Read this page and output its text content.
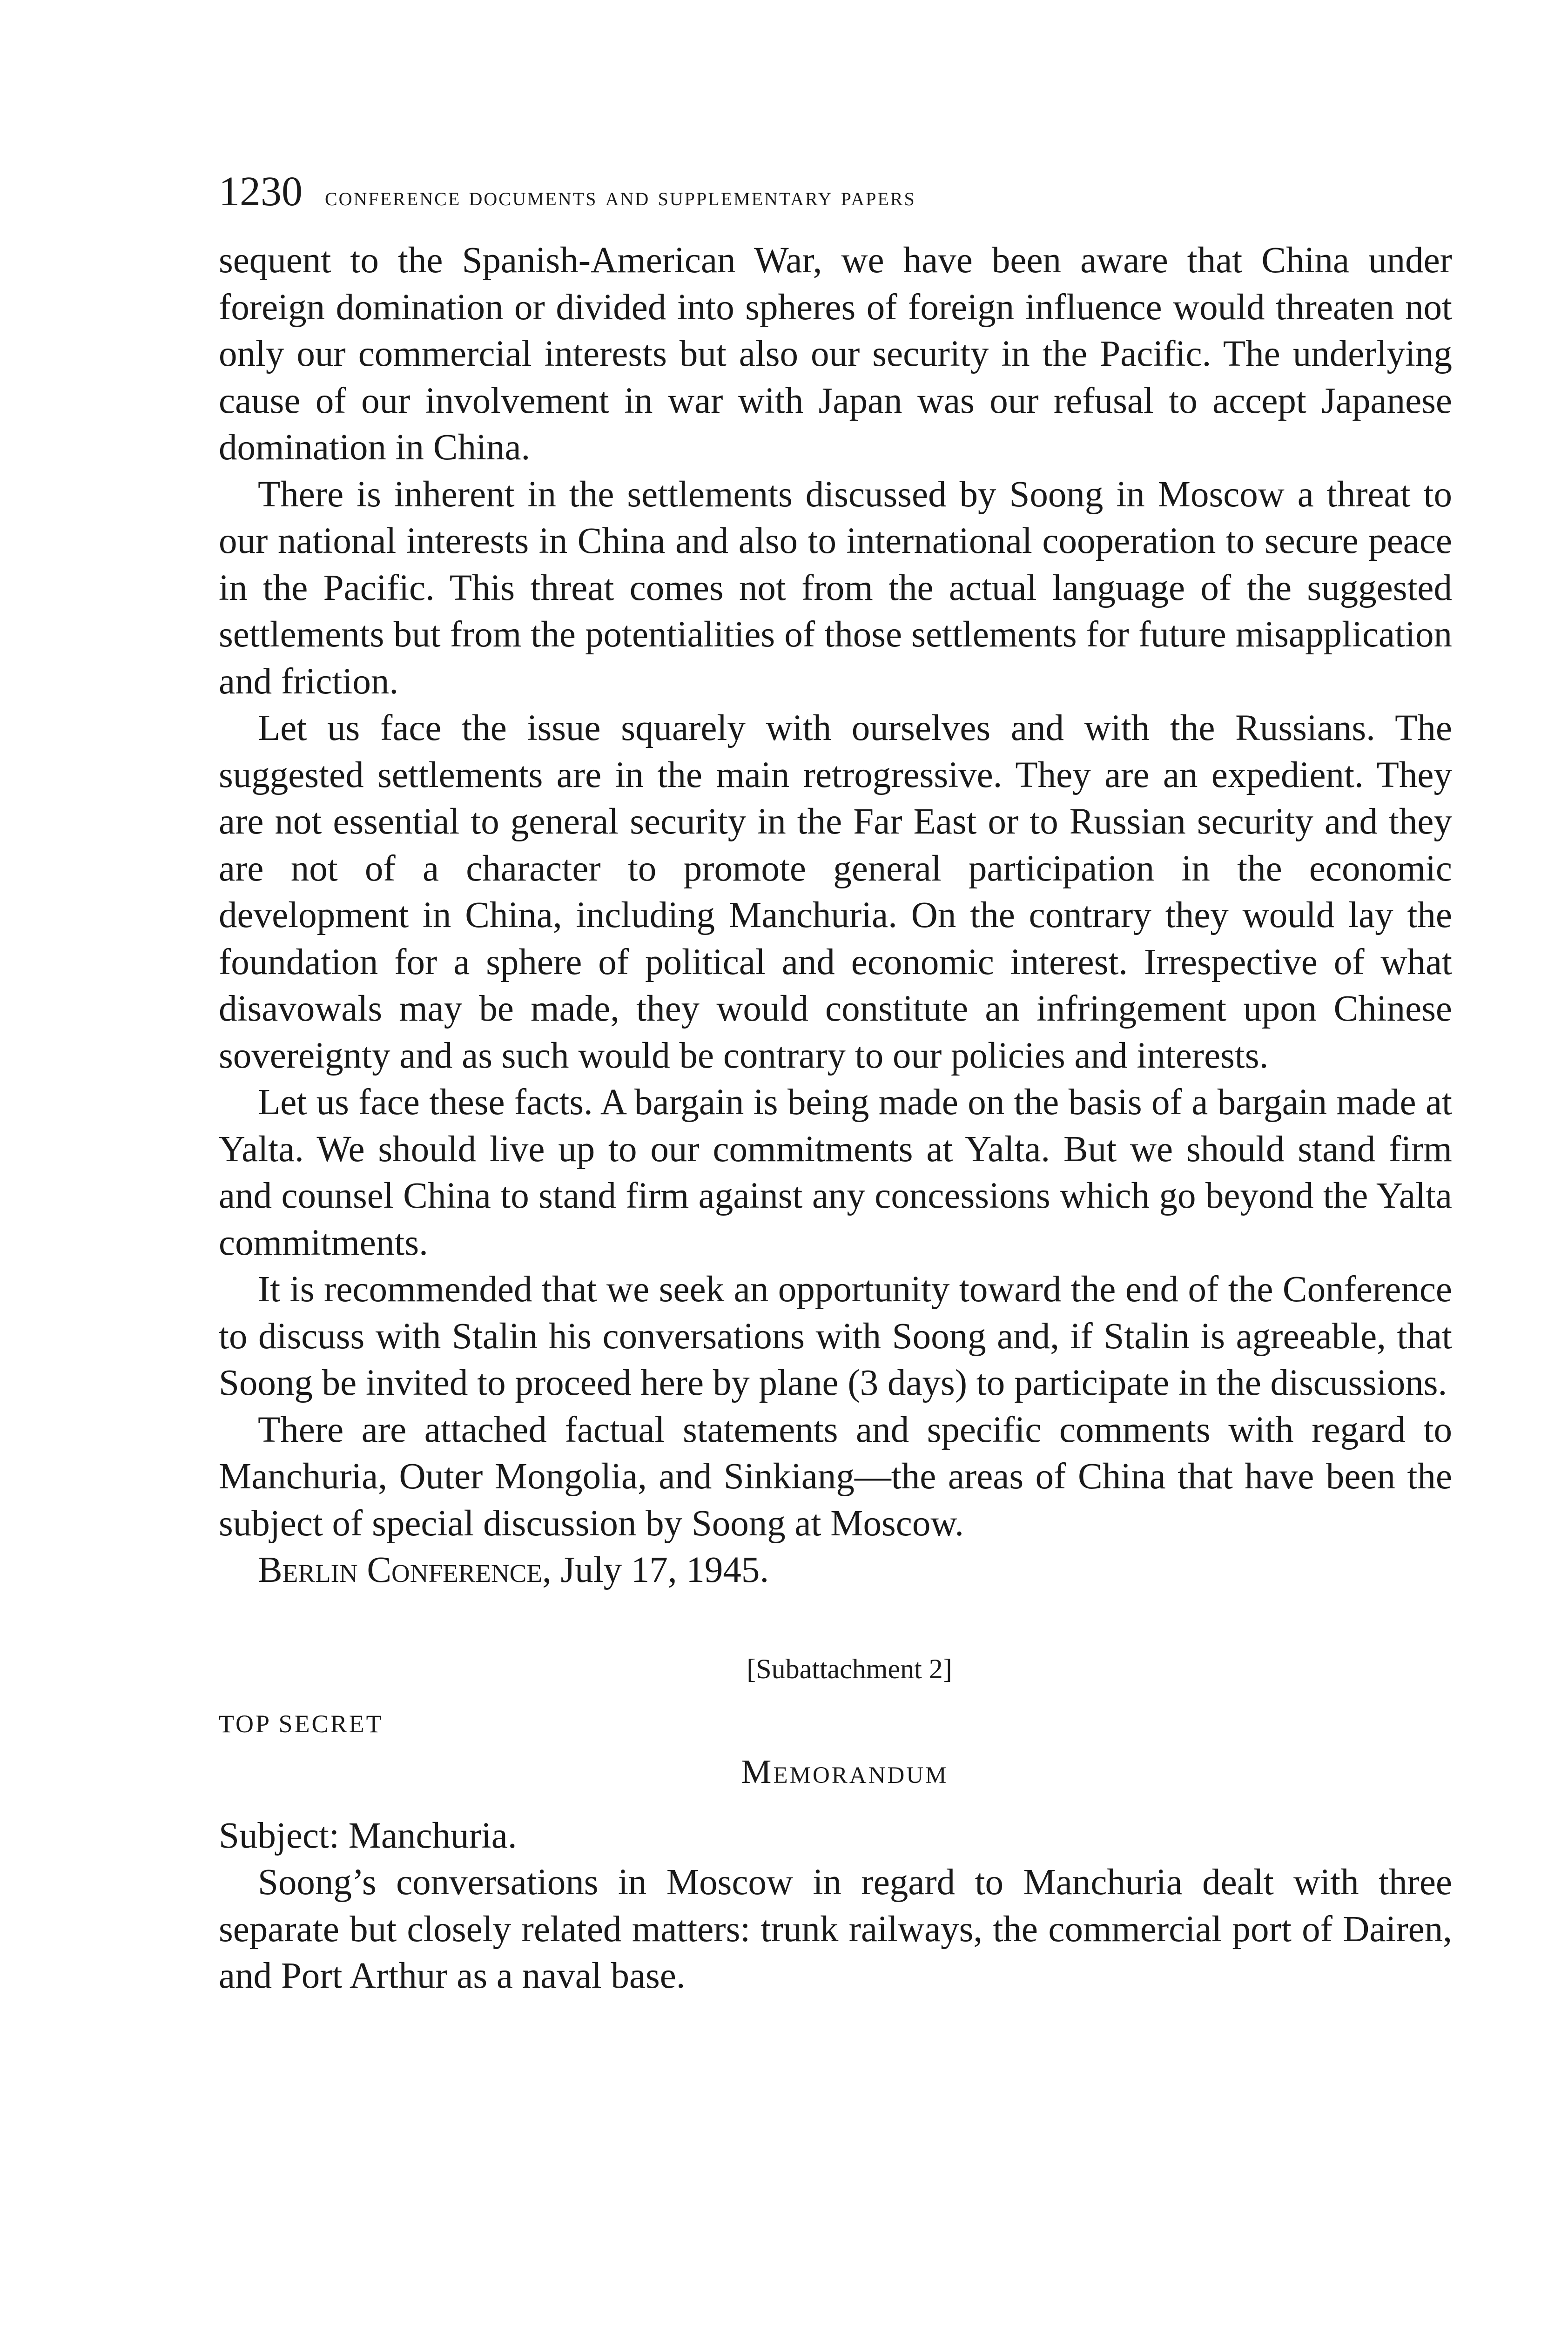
1230 conference documents and supplementary papers

sequent to the Spanish-American War, we have been aware that China under foreign domination or divided into spheres of foreign influence would threaten not only our commercial interests but also our security in the Pacific. The underlying cause of our involvement in war with Japan was our refusal to accept Japanese domination in China.

There is inherent in the settlements discussed by Soong in Moscow a threat to our national interests in China and also to international cooperation to secure peace in the Pacific. This threat comes not from the actual language of the suggested settlements but from the potentialities of those settlements for future misapplication and friction.

Let us face the issue squarely with ourselves and with the Russians. The suggested settlements are in the main retrogressive. They are an expedient. They are not essential to general security in the Far East or to Russian security and they are not of a character to promote general participation in the economic development in China, including Manchuria. On the contrary they would lay the foundation for a sphere of political and economic interest. Irrespective of what disavowals may be made, they would constitute an infringement upon Chinese sovereignty and as such would be contrary to our policies and interests.

Let us face these facts. A bargain is being made on the basis of a bargain made at Yalta. We should live up to our commitments at Yalta. But we should stand firm and counsel China to stand firm against any concessions which go beyond the Yalta commitments.

It is recommended that we seek an opportunity toward the end of the Conference to discuss with Stalin his conversations with Soong and, if Stalin is agreeable, that Soong be invited to proceed here by plane (3 days) to participate in the discussions.

There are attached factual statements and specific comments with regard to Manchuria, Outer Mongolia, and Sinkiang—the areas of China that have been the subject of special discussion by Soong at Moscow.

Berlin Conference, July 17, 1945.

[Subattachment 2]
TOP SECRET
Memorandum
Subject: Manchuria.

Soong’s conversations in Moscow in regard to Manchuria dealt with three separate but closely related matters: trunk railways, the commercial port of Dairen, and Port Arthur as a naval base.
